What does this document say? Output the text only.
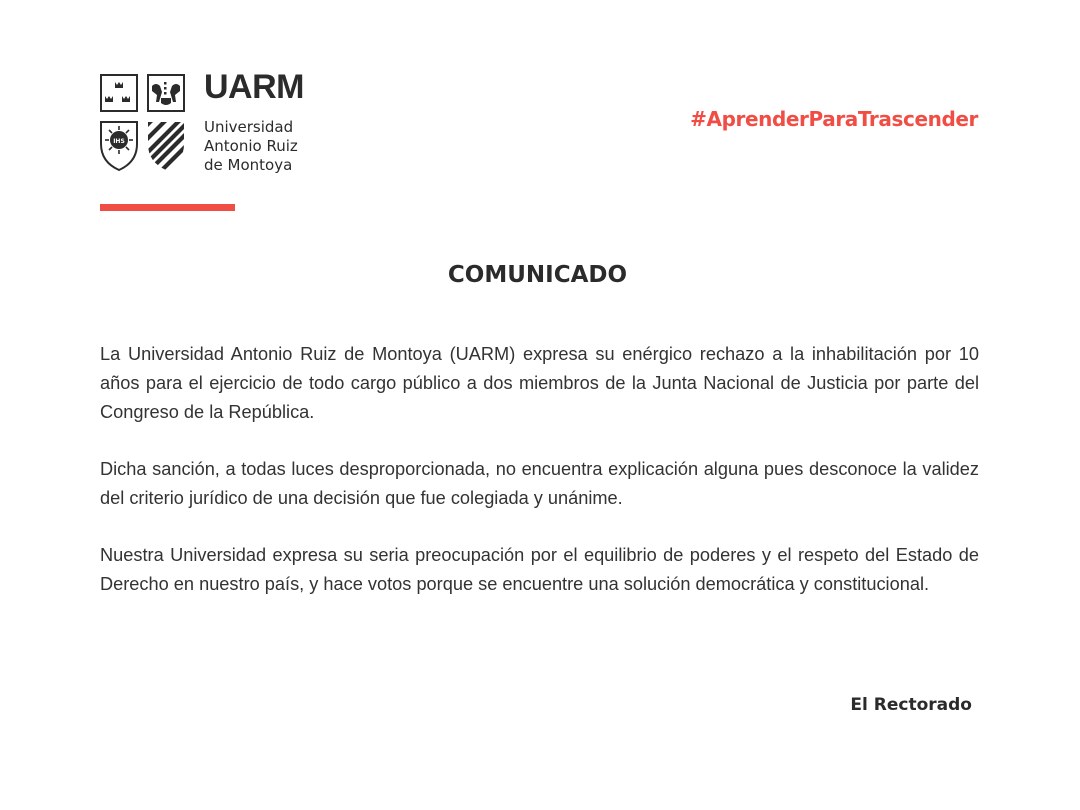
IHS
UARM
Universidad
Antonio Ruiz
de Montoya
#AprenderParaTrascender
COMUNICADO

La Universidad Antonio Ruiz de Montoya (UARM) expresa su enérgico rechazo a la inhabilitación por 10 años para el ejercicio de todo cargo público a dos miembros de la Junta Nacional de Justicia por parte del Congreso de la República.

Dicha sanción, a todas luces desproporcionada, no encuentra explicación alguna pues desconoce la validez del criterio jurídico de una decisión que fue colegiada y unánime.

Nuestra Universidad expresa su seria preocupación por el equilibrio de poderes y el respeto del Estado de Derecho en nuestro país, y hace votos porque se encuentre una solución democrática y constitucional.

El Rectorado
